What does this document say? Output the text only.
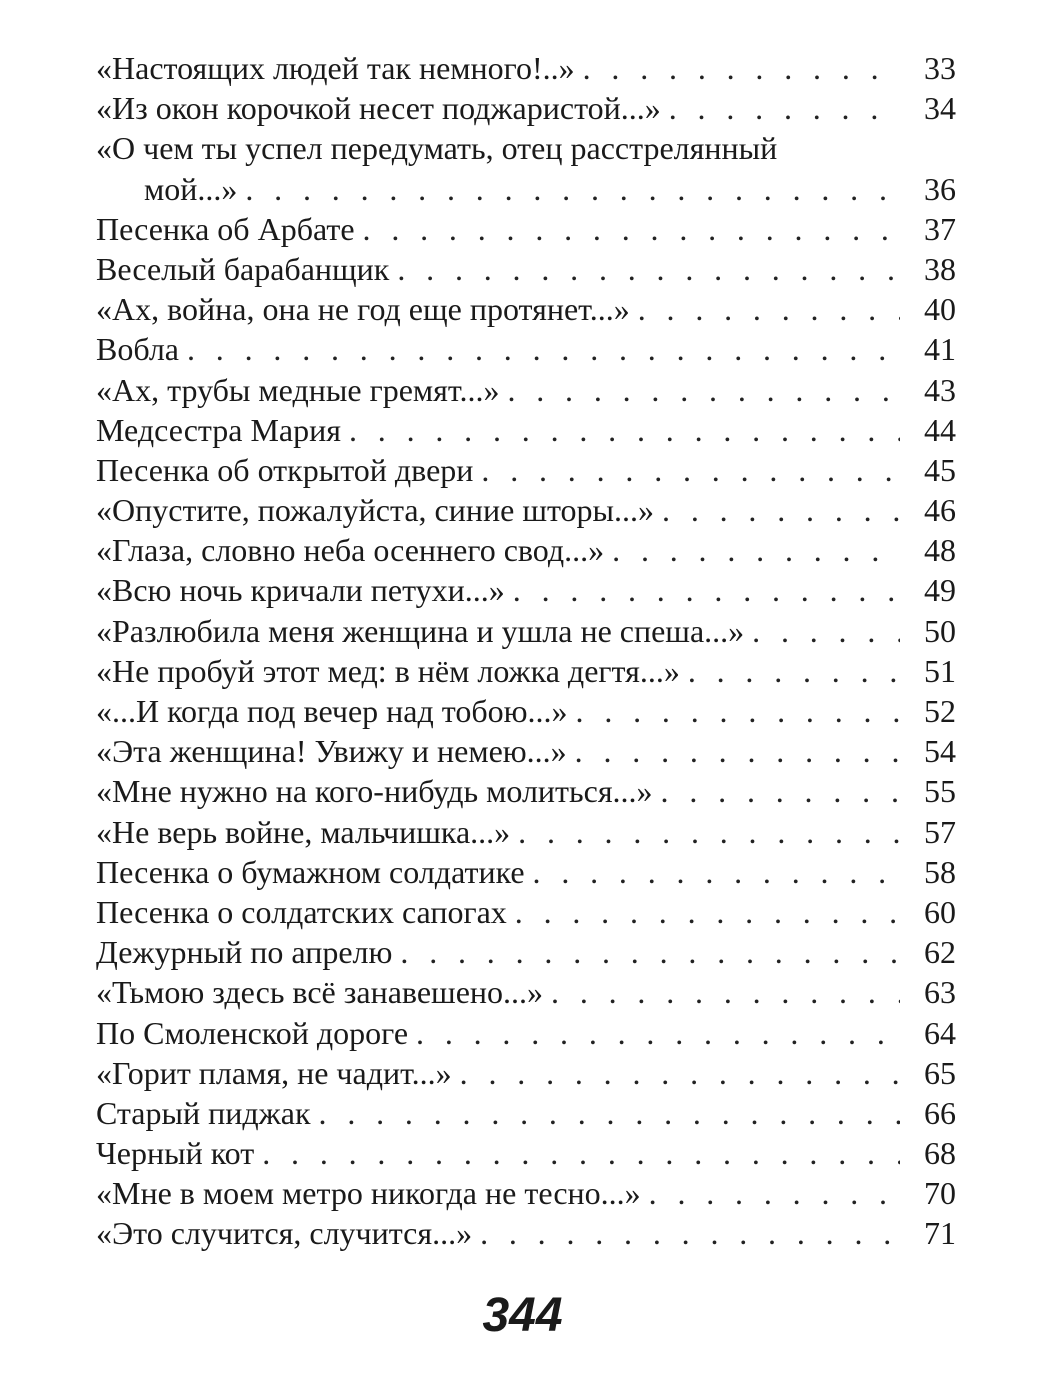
«Настоящих людей так немного!..» . . .	33
«Из окон корочкой несет поджаристой...» . . .	34
«О чем ты успел передумать, отец расстрелянный
мой...» . . .	36
Песенка об Арбате . . .	37
Веселый барабанщик . . .	38
«Ах, война, она не год еще протянет...» . . .	40
Вобла . . .	41
«Ах, трубы медные гремят...» . . .	43
Медсестра Мария . . .	44
Песенка об открытой двери . . .	45
«Опустите, пожалуйста, синие шторы...» . . .	46
«Глаза, словно неба осеннего свод...» . . .	48
«Всю ночь кричали петухи...» . . .	49
«Разлюбила меня женщина и ушла не спеша...» . . .	50
«Не пробуй этот мед: в нём ложка дегтя...» . . .	51
«...И когда под вечер над тобою...» . . .	52
«Эта женщина! Увижу и немею...» . . .	54
«Мне нужно на кого-нибудь молиться...» . . .	55
«Не верь войне, мальчишка...» . . .	57
Песенка о бумажном солдатике . . .	58
Песенка о солдатских сапогах . . .	60
Дежурный по апрелю . . .	62
«Тьмою здесь всё занавешено...» . . .	63
По Смоленской дороге . . .	64
«Горит пламя, не чадит...» . . .	65
Старый пиджак . . .	66
Черный кот . . .	68
«Мне в моем метро никогда не тесно...» . . .	70
«Это случится, случится...» . . .	71
344
